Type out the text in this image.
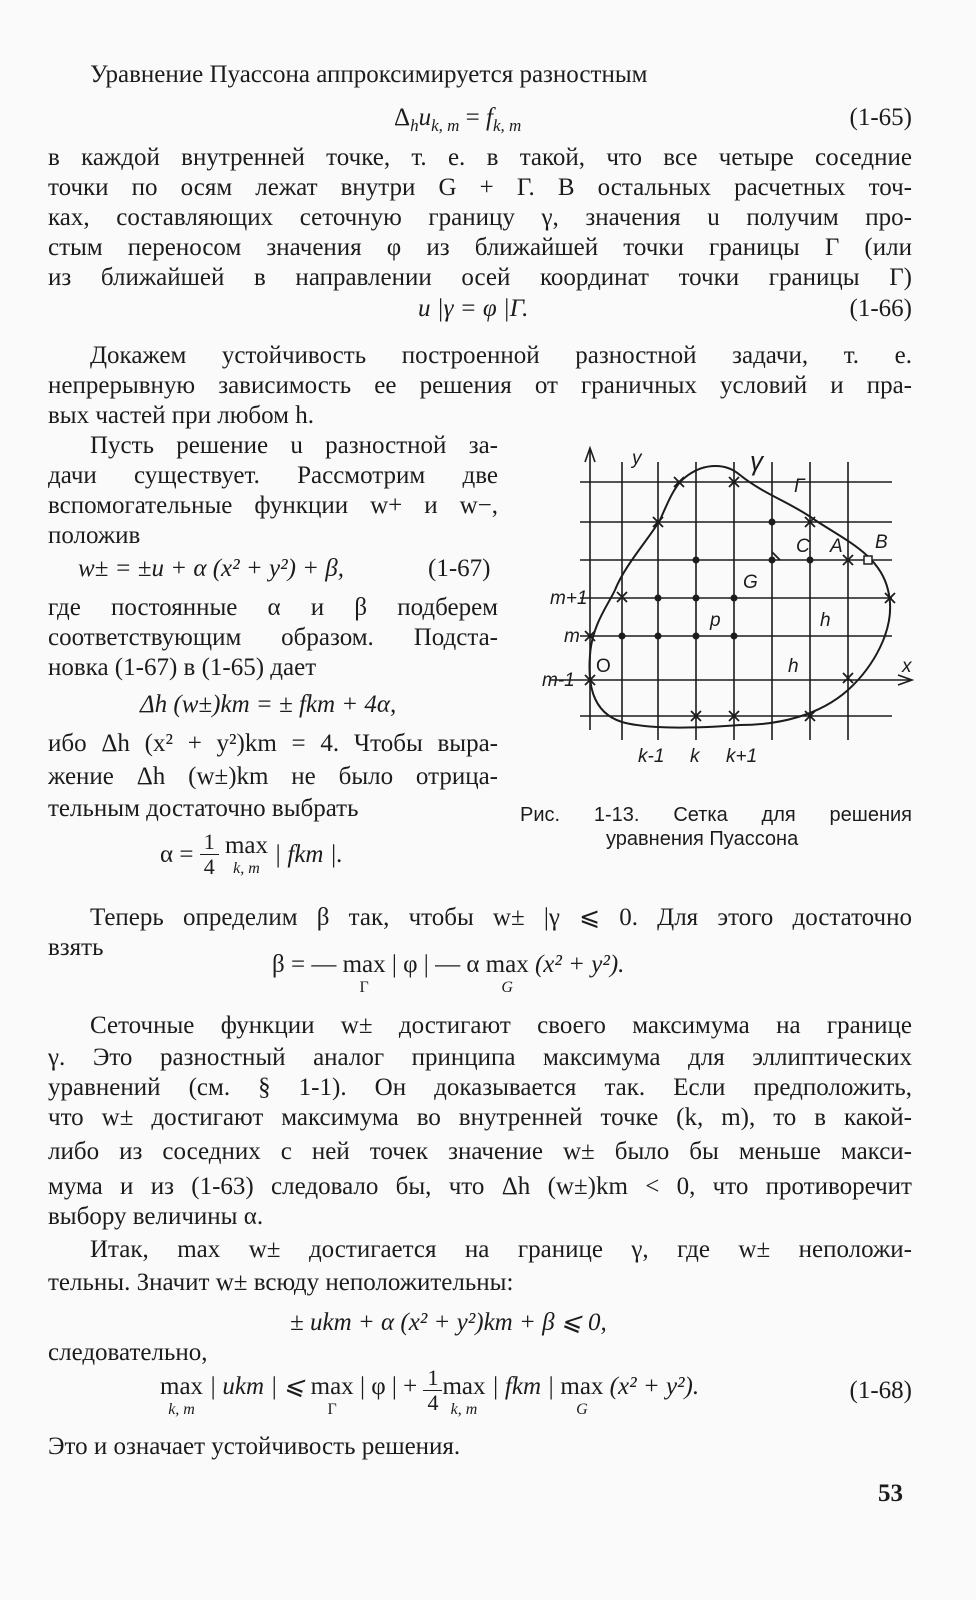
Уравнение Пуассона аппроксимируется разностным
$\Delta_hu_{k, m} = f_{k, m}$	(1-65)
в каждой внутренней точке, т. е. в такой, что все четыре соседние
точки по осям лежат внутри G + Г. В остальных расчетных точ-
ках, составляющих сеточную границу γ, значения u получим про-
стым переносом значения φ из ближайшей точки границы Г (или
из ближайшей в направлении осей координат точки границы Г)
u |γ = φ |Г.	(1-66)
Докажем устойчивость построенной разностной задачи, т. е.
непрерывную зависимость ее решения от граничных условий и пра-
вых частей при любом h.
Пусть решение u разностной за-
дачи существует. Рассмотрим две
вспомогательные функции w+ и w−,
положив
w± = ±u + α (x² + y²) + β,	(1-67)
где постоянные α и β подберем
соответствующим образом. Подста-
новка (1-67) в (1-65) дает
Δh (w±)km = ± fkm + 4α,
ибо Δh (x² + y²)km = 4. Чтобы выра-
жение Δh (w±)km не было отрица-
тельным достаточно выбрать
$\alpha = \frac{1}{4}$ max
k, m
| fkm |.
y
x
γ
Г
G
C A B
p	h
h
O
m+1
m
m-1
k-1 k k+1
Рис. 1-13. Сетка для решения
уравнения Пуассона
Теперь определим β так, чтобы w± |γ ⩽ 0. Для этого достаточно
взять
β = — max
Г
| φ | — α max
G
(x² + y²).
Сеточные функции w± достигают своего максимума на границе
γ. Это разностный аналог принципа максимума для эллиптических
уравнений (см. § 1-1). Он доказывается так. Если предположить,
что w± достигают максимума во внутренней точке (k, m), то в какой-
либо из соседних с ней точек значение w± было бы меньше макси-
мума и из (1-63) следовало бы, что Δh (w±)km < 0, что противоречит
выбору величины α.
Итак, max w± достигается на границе γ, где w± неположи-
тельны. Значит w± всюду неположительны:
± ukm + α (x² + y²)km + β ⩽ 0,
следовательно,
max
k, m
| ukm | ⩽ max
Г
| φ | + $\frac{1}{4}$ max
k, m
| fkm | max
G
(x² + y²).	(1-68)
Это и означает устойчивость решения.
53
